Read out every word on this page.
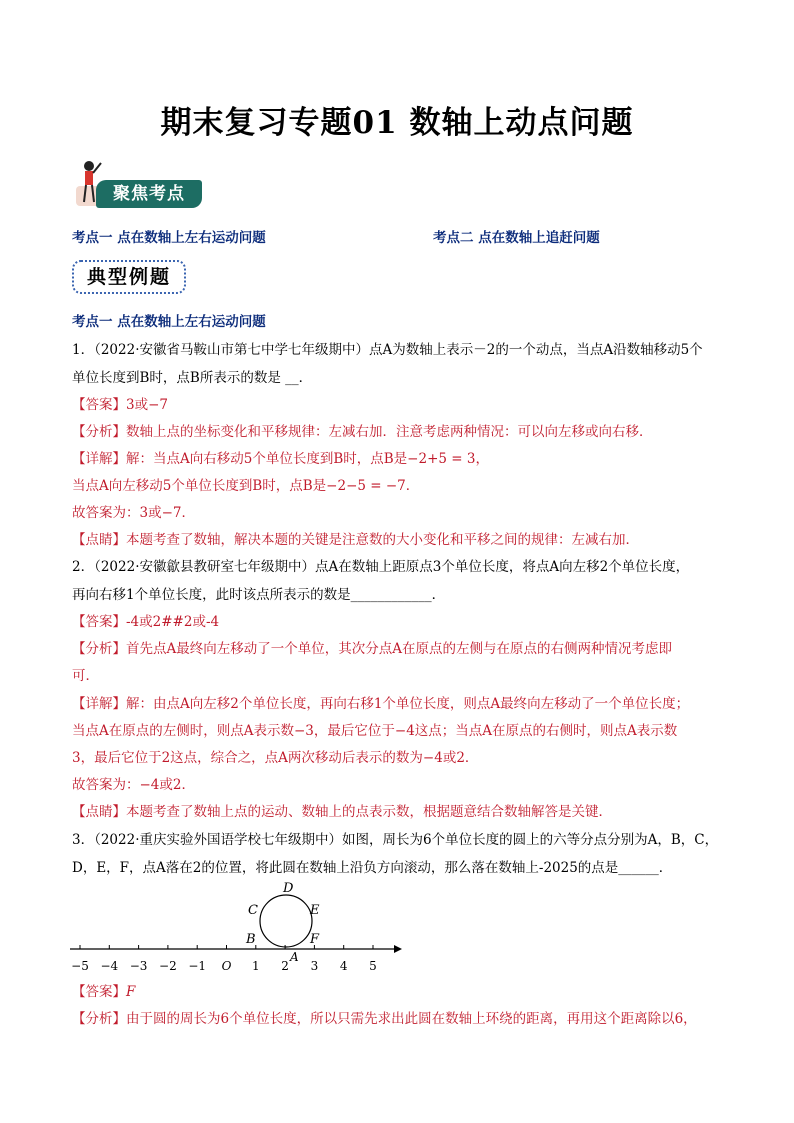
期末复习专题01 数轴上动点问题
聚焦考点
考点一 点在数轴上左右运动问题	考点二 点在数轴上追赶问题
典型例题
考点一 点在数轴上左右运动问题
1．（2022·安徽省马鞍山市第七中学七年级期中）点A为数轴上表示－2的一个动点，当点A沿数轴移动5个
单位长度到B时，点B所表示的数是 __．
【答案】3或−7
【分析】数轴上点的坐标变化和平移规律：左减右加．注意考虑两种情况：可以向左移或向右移．
【详解】解：当点A向右移动5个单位长度到B时，点B是−2+5 = 3，
当点A向左移动5个单位长度到B时，点B是−2−5 = −7．
故答案为：3或−7．
【点睛】本题考查了数轴，解决本题的关键是注意数的大小变化和平移之间的规律：左减右加．
2．（2022·安徽歙县教研室七年级期中）点A在数轴上距原点3个单位长度，将点A向左移2个单位长度，
再向右移1个单位长度，此时该点所表示的数是____________．
【答案】-4或2##2或-4
【分析】首先点A最终向左移动了一个单位，其次分点A在原点的左侧与在原点的右侧两种情况考虑即
可．
【详解】解：由点A向左移2个单位长度，再向右移1个单位长度，则点A最终向左移动了一个单位长度；
当点A在原点的左侧时，则点A表示数−3，最后它位于−4这点；当点A在原点的右侧时，则点A表示数
3，最后它位于2这点，综合之，点A两次移动后表示的数为−4或2．
故答案为：−4或2．
【点睛】本题考查了数轴上点的运动、数轴上的点表示数，根据题意结合数轴解答是关键．
3．（2022·重庆实验外国语学校七年级期中）如图，周长为6个单位长度的圆上的六等分点分别为A，B，C，
D，E，F，点A落在2的位置，将此圆在数轴上沿负方向滚动，那么落在数轴上-2025的点是______．
−5 −4 −3 −2 −1 O 1 2 3 4 5
D
C	E
B	F
A
【答案】F
【分析】由于圆的周长为6个单位长度，所以只需先求出此圆在数轴上环绕的距离，再用这个距离除以6，
